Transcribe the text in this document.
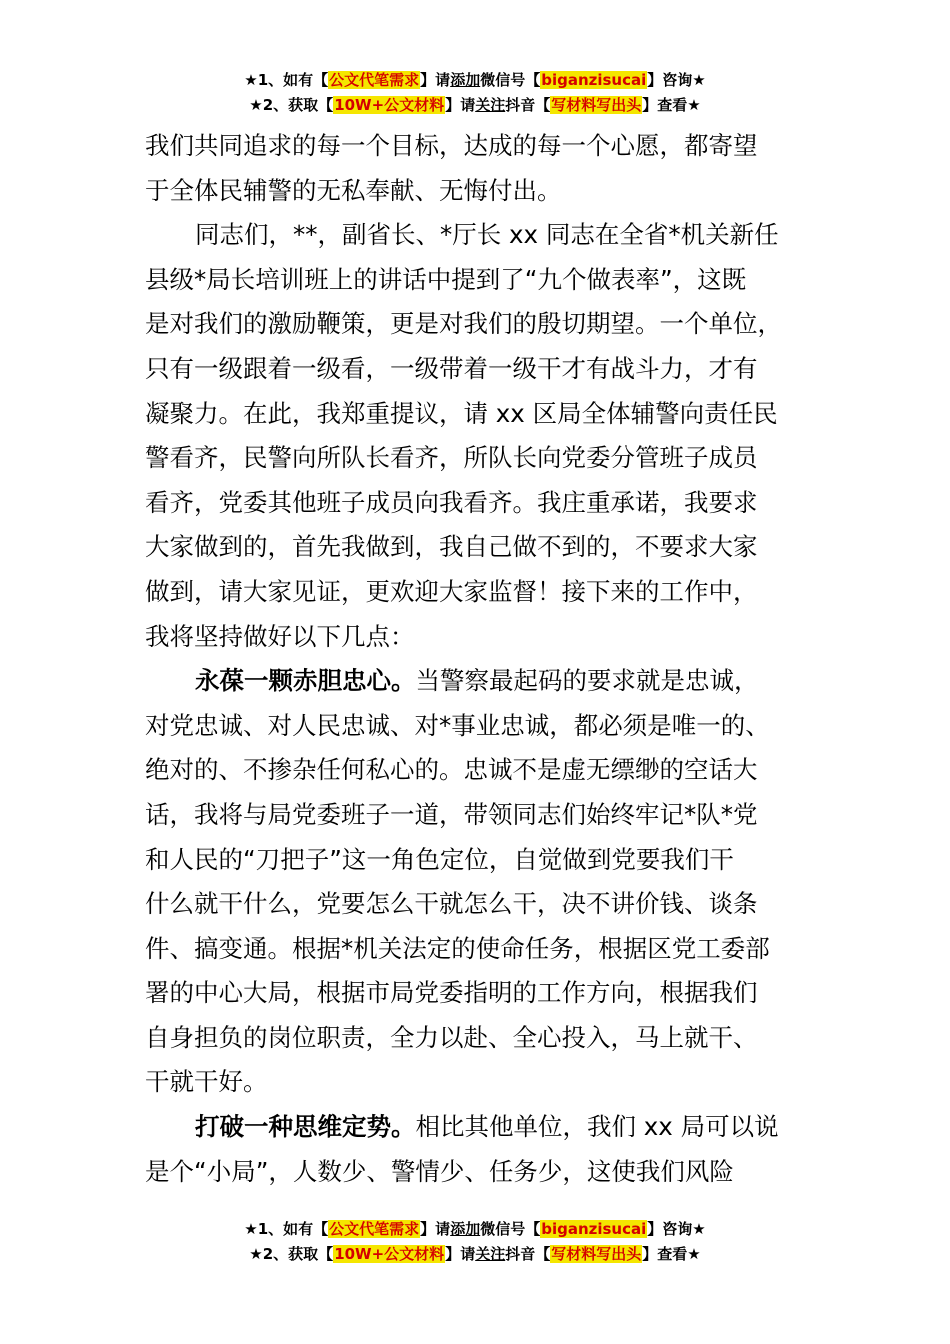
★1、如有【公文代笔需求】请添加微信号【biganzisucai】咨询★
★2、获取【10W+公文材料】请关注抖音【写材料写出头】查看★
我们共同追求的每一个目标，达成的每一个心愿，都寄望
于全体民辅警的无私奉献、无悔付出。
同志们，**，副省长、*厅长 xx 同志在全省*机关新任
县级*局长培训班上的讲话中提到了“九个做表率”，这既
是对我们的激励鞭策，更是对我们的殷切期望。一个单位，
只有一级跟着一级看，一级带着一级干才有战斗力，才有
凝聚力。在此，我郑重提议，请 xx 区局全体辅警向责任民
警看齐，民警向所队长看齐，所队长向党委分管班子成员
看齐，党委其他班子成员向我看齐。我庄重承诺，我要求
大家做到的，首先我做到，我自己做不到的，不要求大家
做到，请大家见证，更欢迎大家监督！接下来的工作中，
我将坚持做好以下几点：
永葆一颗赤胆忠心。当警察最起码的要求就是忠诚，
对党忠诚、对人民忠诚、对*事业忠诚，都必须是唯一的、
绝对的、不掺杂任何私心的。忠诚不是虚无缥缈的空话大
话，我将与局党委班子一道，带领同志们始终牢记*队*党
和人民的“刀把子”这一角色定位，自觉做到党要我们干
什么就干什么，党要怎么干就怎么干，决不讲价钱、谈条
件、搞变通。根据*机关法定的使命任务，根据区党工委部
署的中心大局，根据市局党委指明的工作方向，根据我们
自身担负的岗位职责，全力以赴、全心投入，马上就干、
干就干好。
打破一种思维定势。相比其他单位，我们 xx 局可以说
是个“小局”，人数少、警情少、任务少，这使我们风险
★1、如有【公文代笔需求】请添加微信号【biganzisucai】咨询★
★2、获取【10W+公文材料】请关注抖音【写材料写出头】查看★
